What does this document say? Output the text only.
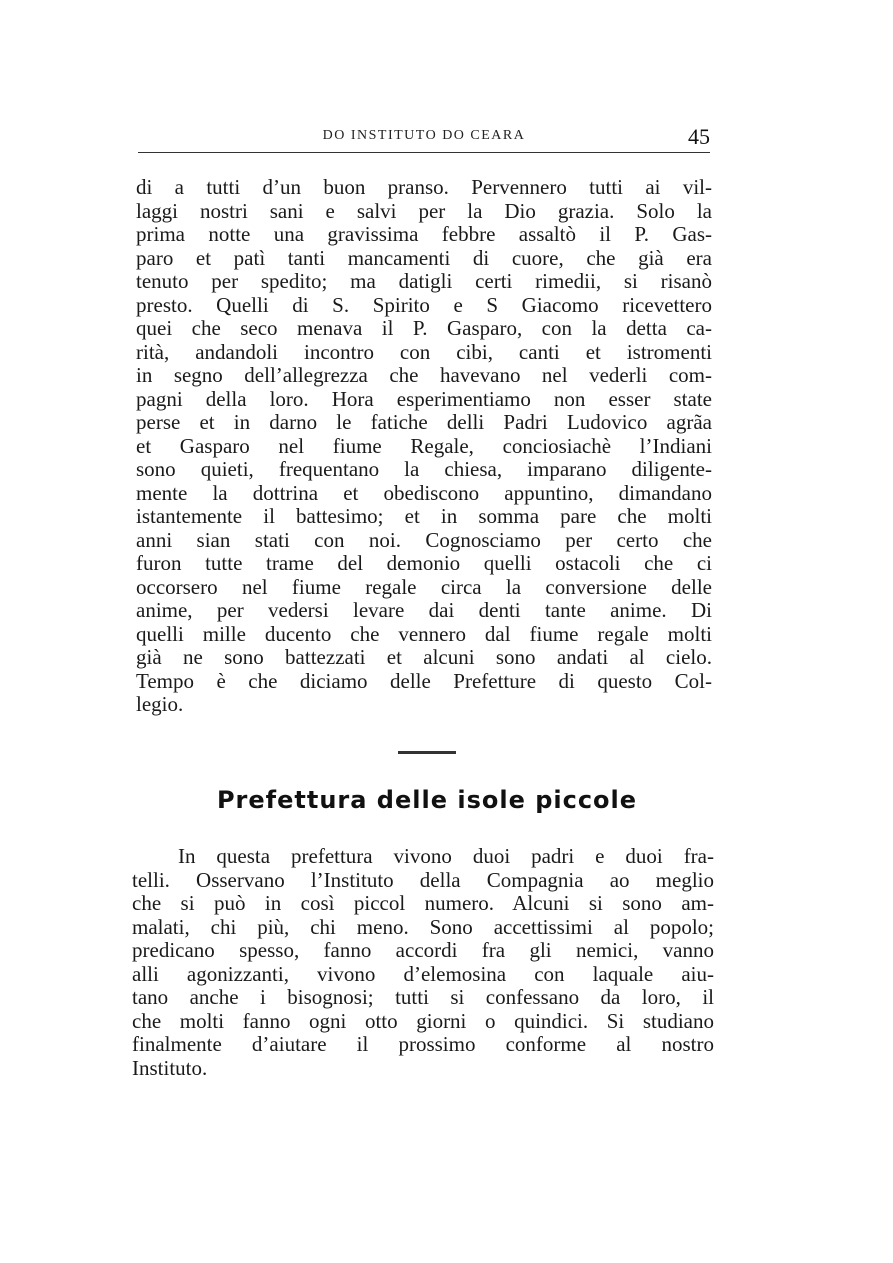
DO INSTITUTO DO CEARA	45
di a tutti d’un buon pranso. Pervennero tutti ai vil-
laggi nostri sani e salvi per la Dio grazia. Solo la
prima notte una gravissima febbre assaltò il P. Gas-
paro et patì tanti mancamenti di cuore, che già era
tenuto per spedito; ma datigli certi rimedii, si risanò
presto. Quelli di S. Spirito e S Giacomo ricevettero
quei che seco menava il P. Gasparo, con la detta ca-
rità, andandoli incontro con cibi, canti et istromenti
in segno dell’allegrezza che havevano nel vederli com-
pagni della loro. Hora esperimentiamo non esser state
perse et in darno le fatiche delli Padri Ludovico agrãa
et Gasparo nel fiume Regale, conciosiachè l’Indiani
sono quieti, frequentano la chiesa, imparano diligente-
mente la dottrina et obediscono appuntino, dimandano
istantemente il battesimo; et in somma pare che molti
anni sian stati con noi. Cognosciamo per certo che
furon tutte trame del demonio quelli ostacoli che ci
occorsero nel fiume regale circa la conversione delle
anime, per vedersi levare dai denti tante anime. Di
quelli mille ducento che vennero dal fiume regale molti
già ne sono battezzati et alcuni sono andati al cielo.
Tempo è che diciamo delle Prefetture di questo Col-
legio.
Prefettura delle isole piccole
In questa prefettura vivono duoi padri e duoi fra-
telli. Osservano l’Instituto della Compagnia ao meglio
che si può in così piccol numero. Alcuni si sono am-
malati, chi più, chi meno. Sono accettissimi al popolo;
predicano spesso, fanno accordi fra gli nemici, vanno
alli agonizzanti, vivono d’elemosina con laquale aiu-
tano anche i bisognosi; tutti si confessano da loro, il
che molti fanno ogni otto giorni o quindici. Si studiano
finalmente d’aiutare il prossimo conforme al nostro
Instituto.
